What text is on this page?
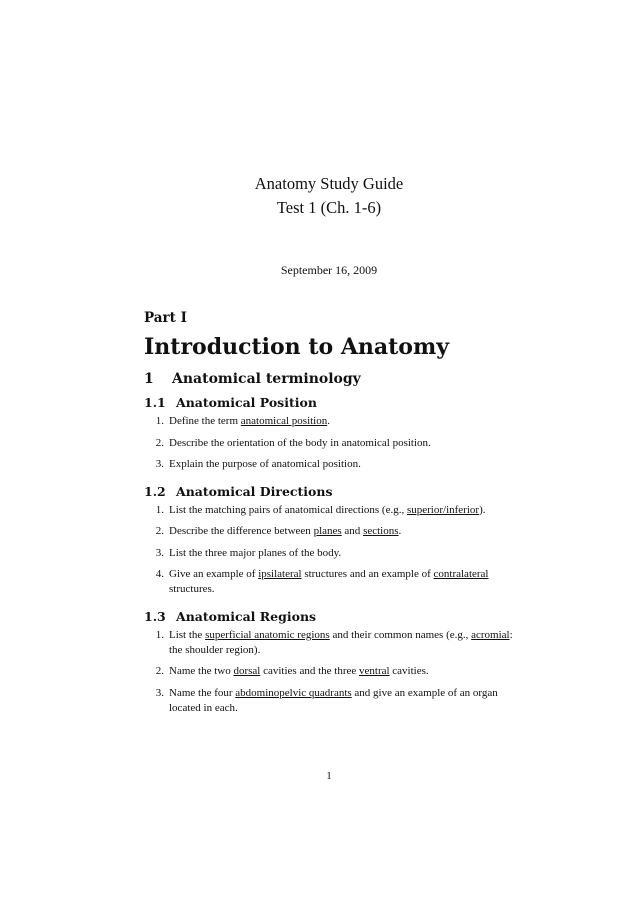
Anatomy Study Guide

Test 1 (Ch. 1-6)

September 16, 2009

Part I

Introduction to Anatomy

1	Anatomical terminology

1.1 Anatomical Position

1. Define the term anatomical position.
2. Describe the orientation of the body in anatomical position.
3. Explain the purpose of anatomical position.

1.2 Anatomical Directions

1. List the matching pairs of anatomical directions (e.g., superior/inferior).
2. Describe the difference between planes and sections.
3. List the three major planes of the body.
4. Give an example of ipsilateral structures and an example of contralateral structures.

1.3 Anatomical Regions

1. List the superficial anatomic regions and their common names (e.g., acromial: the shoulder region).
2. Name the two dorsal cavities and the three ventral cavities.
3. Name the four abdominopelvic quadrants and give an example of an organ located in each.
1
